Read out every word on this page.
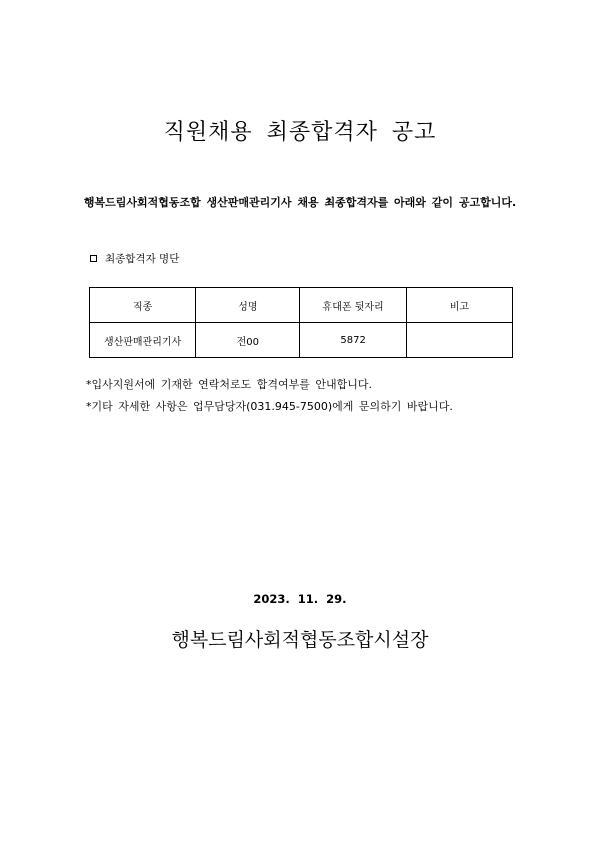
직원채용 최종합격자 공고
행복드림사회적협동조합 생산판매관리기사 채용 최종합격자를 아래와 같이 공고합니다.
최종합격자 명단
직종	성명	휴대폰 뒷자리	비고
생산판매관리기사	전00	5872	
*입사지원서에 기재한 연락처로도 합격여부를 안내합니다.
*기타 자세한 사항은 업무담당자(031.945-7500)에게 문의하기 바랍니다.
2023. 11. 29.
행복드림사회적협동조합시설장
